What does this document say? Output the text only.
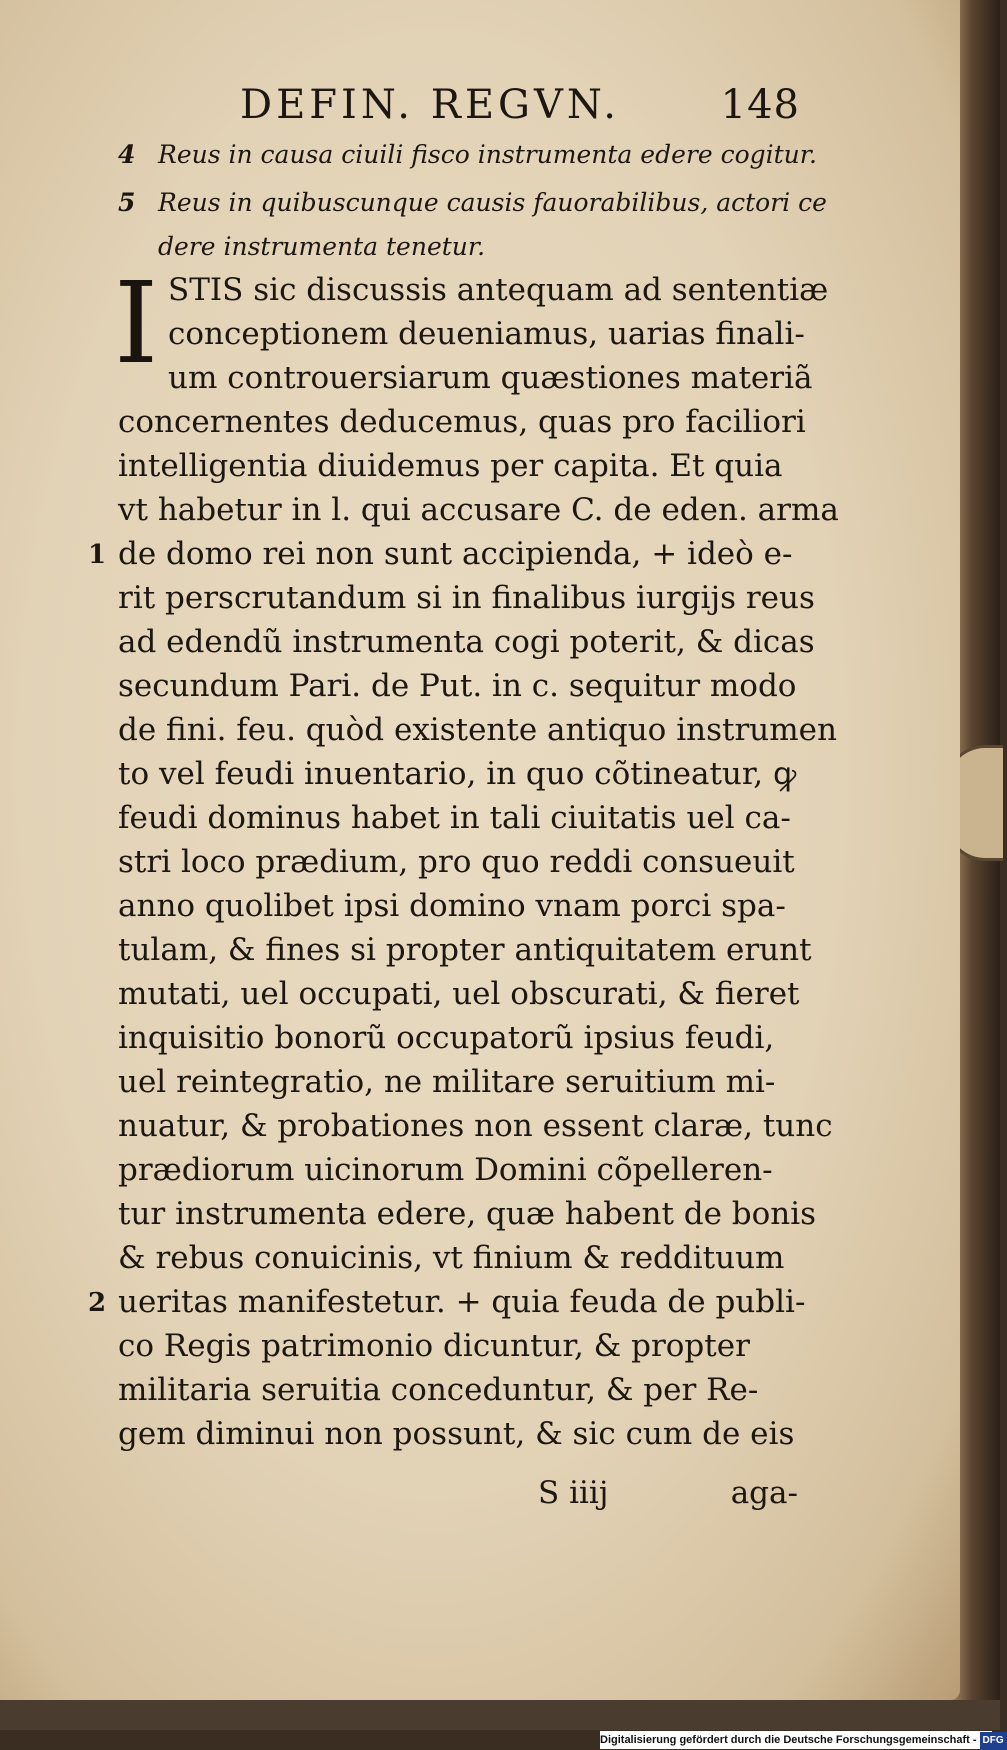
DEFIN. REGVN.	148
4 Reus in causa ciuili fisco instrumenta edere cogitur.
5 Reus in quibuscunque causis fauorabilibus, actori ce
dere instrumenta tenetur.
I STIS sic discussis antequam ad sententiæ
conceptionem deueniamus, uarias finali-
um controuersiarum quæstiones materiã
concernentes deducemus, quas pro faciliori
intelligentia diuidemus per capita. Et quia
vt habetur in l. qui accusare C. de eden. arma
de domo rei non sunt accipienda, + ideò e-
rit perscrutandum si in finalibus iurgijs reus
ad edendũ instrumenta cogi poterit, & dicas
secundum Pari. de Put. in c. sequitur modo
de fini. feu. quòd existente antiquo instrumen
to vel feudi inuentario, in quo cõtineatur, ꝙ
feudi dominus habet in tali ciuitatis uel ca-
stri loco prædium, pro quo reddi consueuit
anno quolibet ipsi domino vnam porci spa-
tulam, & fines si propter antiquitatem erunt
mutati, uel occupati, uel obscurati, & fieret
inquisitio bonorũ occupatorũ ipsius feudi,
uel reintegratio, ne militare seruitium mi-
nuatur, & probationes non essent claræ, tunc
prædiorum uicinorum Domini cõpelleren-
tur instrumenta edere, quæ habent de bonis
& rebus conuicinis, vt finium & reddituum
ueritas manifestetur. + quia feuda de publi-
co Regis patrimonio dicuntur, & propter
militaria seruitia conceduntur, & per Re-
gem diminui non possunt, & sic cum de eis
1
2
S iiij	aga-
Digitalisierung gefördert durch die Deutsche Forschungsgemeinschaft - DFG
